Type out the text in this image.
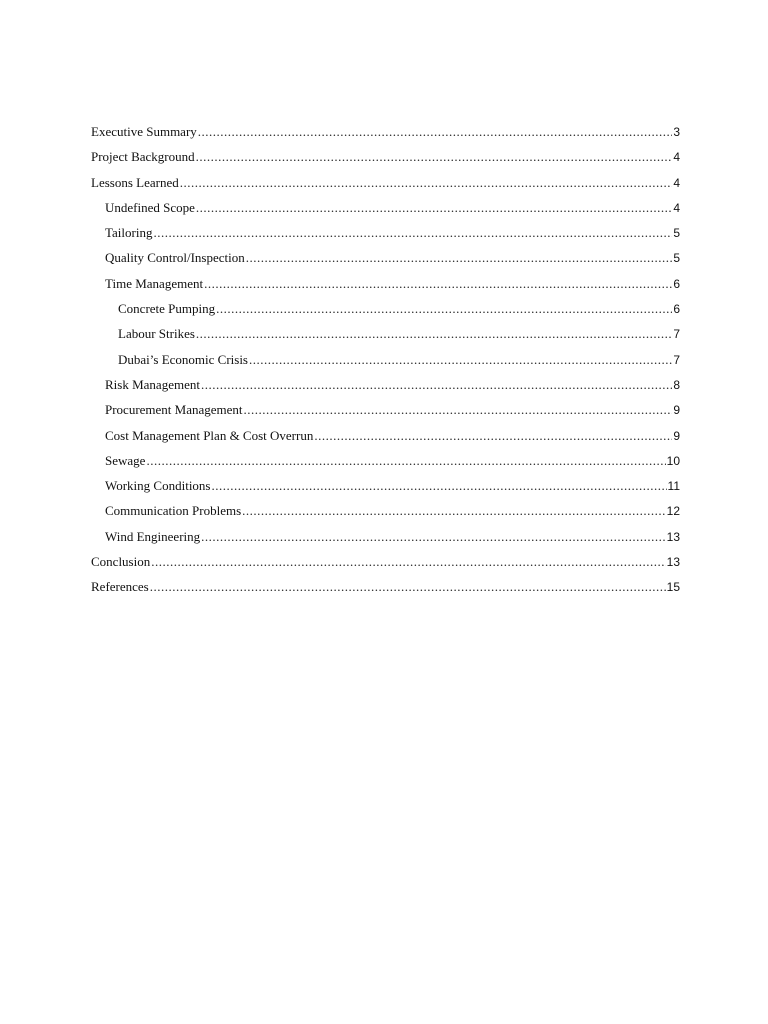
Executive Summary .....	3
Project Background .....	4
Lessons Learned .....	4
Undefined Scope .....	4
Tailoring .....	5
Quality Control/Inspection .....	5
Time Management .....	6
Concrete Pumping .....	6
Labour Strikes .....	7
Dubai’s Economic Crisis .....	7
Risk Management .....	8
Procurement Management .....	9
Cost Management Plan & Cost Overrun .....	9
Sewage .....	10
Working Conditions .....	11
Communication Problems .....	12
Wind Engineering .....	13
Conclusion .....	13
References .....	15
